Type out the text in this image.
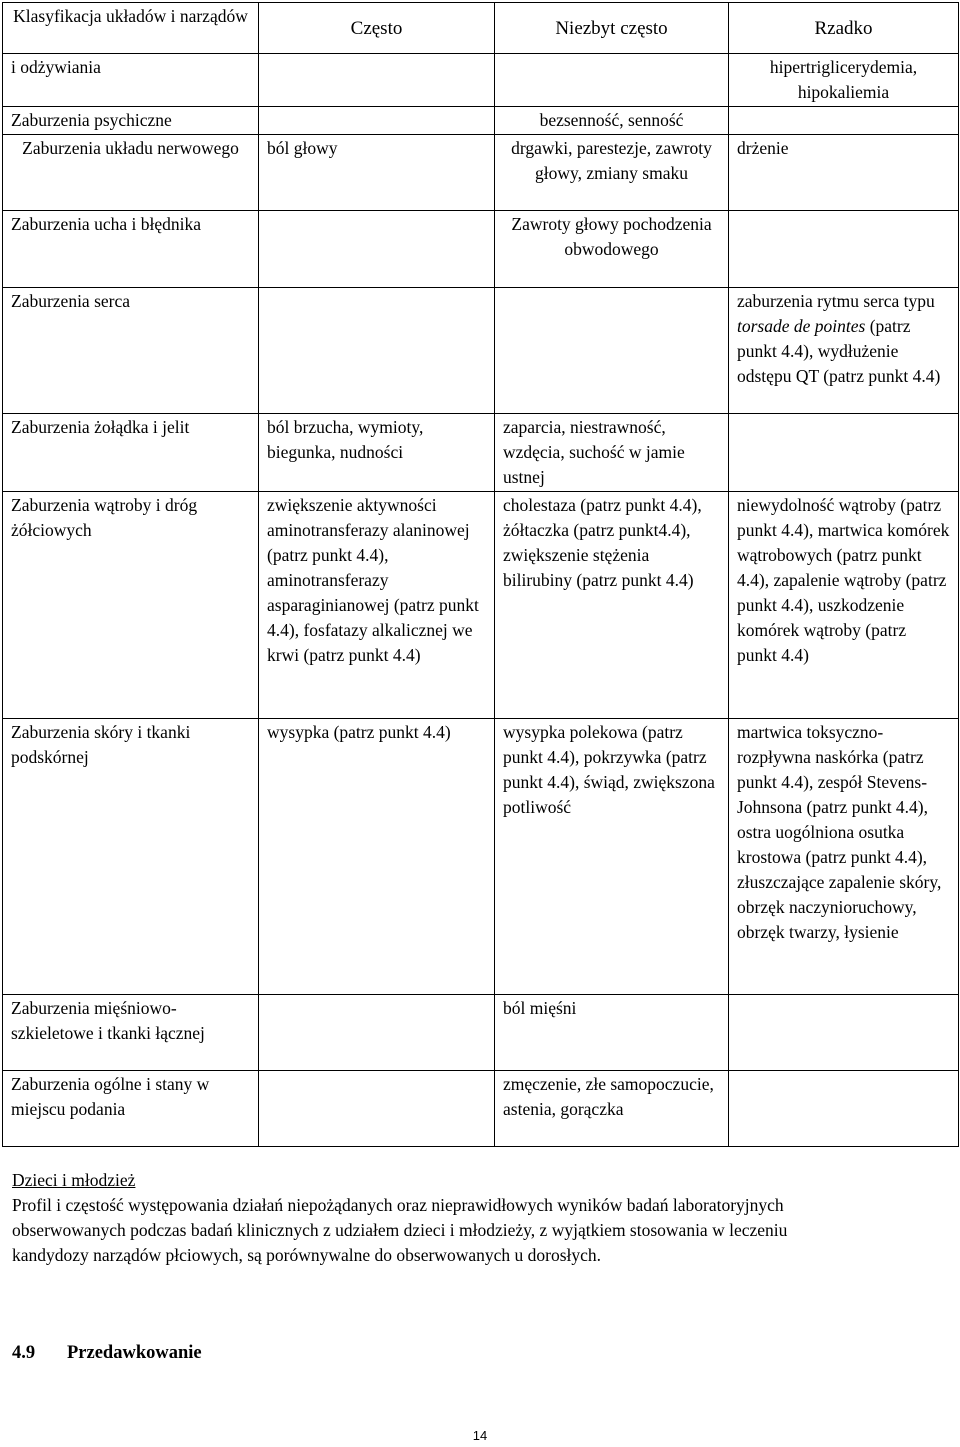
Klasyfikacja układów i narządów	Często	Niezbyt często	Rzadko
i odżywiania			hipertriglicerydemia, hipokaliemia
Zaburzenia psychiczne		bezsenność, senność	
Zaburzenia układu nerwowego	ból głowy	drgawki, parestezje, zawroty głowy, zmiany smaku	drżenie
Zaburzenia ucha i błędnika		Zawroty głowy pochodzenia obwodowego	
Zaburzenia serca			zaburzenia rytmu serca typu torsade de pointes (patrz punkt 4.4), wydłużenie odstępu QT (patrz punkt 4.4)
Zaburzenia żołądka i jelit	ból brzucha, wymioty, biegunka, nudności	zaparcia, niestrawność, wzdęcia, suchość w jamie ustnej	
Zaburzenia wątroby i dróg żółciowych	zwiększenie aktywności aminotransferazy alaninowej (patrz punkt 4.4), aminotransferazy asparaginianowej (patrz punkt 4.4), fosfatazy alkalicznej we krwi (patrz punkt 4.4)	cholestaza (patrz punkt 4.4), żółtaczka (patrz punkt4.4), zwiększenie stężenia bilirubiny (patrz punkt 4.4)	niewydolność wątroby (patrz punkt 4.4), martwica komórek wątrobowych (patrz punkt 4.4), zapalenie wątroby (patrz punkt 4.4), uszkodzenie komórek wątroby (patrz punkt 4.4)
Zaburzenia skóry i tkanki podskórnej	wysypka (patrz punkt 4.4)	wysypka polekowa (patrz punkt 4.4), pokrzywka (patrz punkt 4.4), świąd, zwiększona potliwość	martwica toksyczno-rozpływna naskórka (patrz punkt 4.4), zespół Stevens-Johnsona (patrz punkt 4.4), ostra uogólniona osutka krostowa (patrz punkt 4.4), złuszczające zapalenie skóry, obrzęk naczynioruchowy, obrzęk twarzy, łysienie
Zaburzenia mięśniowo-szkieletowe i tkanki łącznej		ból mięśni	
Zaburzenia ogólne i stany w miejscu podania		zmęczenie, złe samopoczucie, astenia, gorączka	
Dzieci i młodzież
Profil i częstość występowania działań niepożądanych oraz nieprawidłowych wyników badań laboratoryjnych obserwowanych podczas badań klinicznych z udziałem dzieci i młodzieży, z wyjątkiem stosowania w leczeniu kandydozy narządów płciowych, są porównywalne do obserwowanych u dorosłych.
4.9 Przedawkowanie
14
